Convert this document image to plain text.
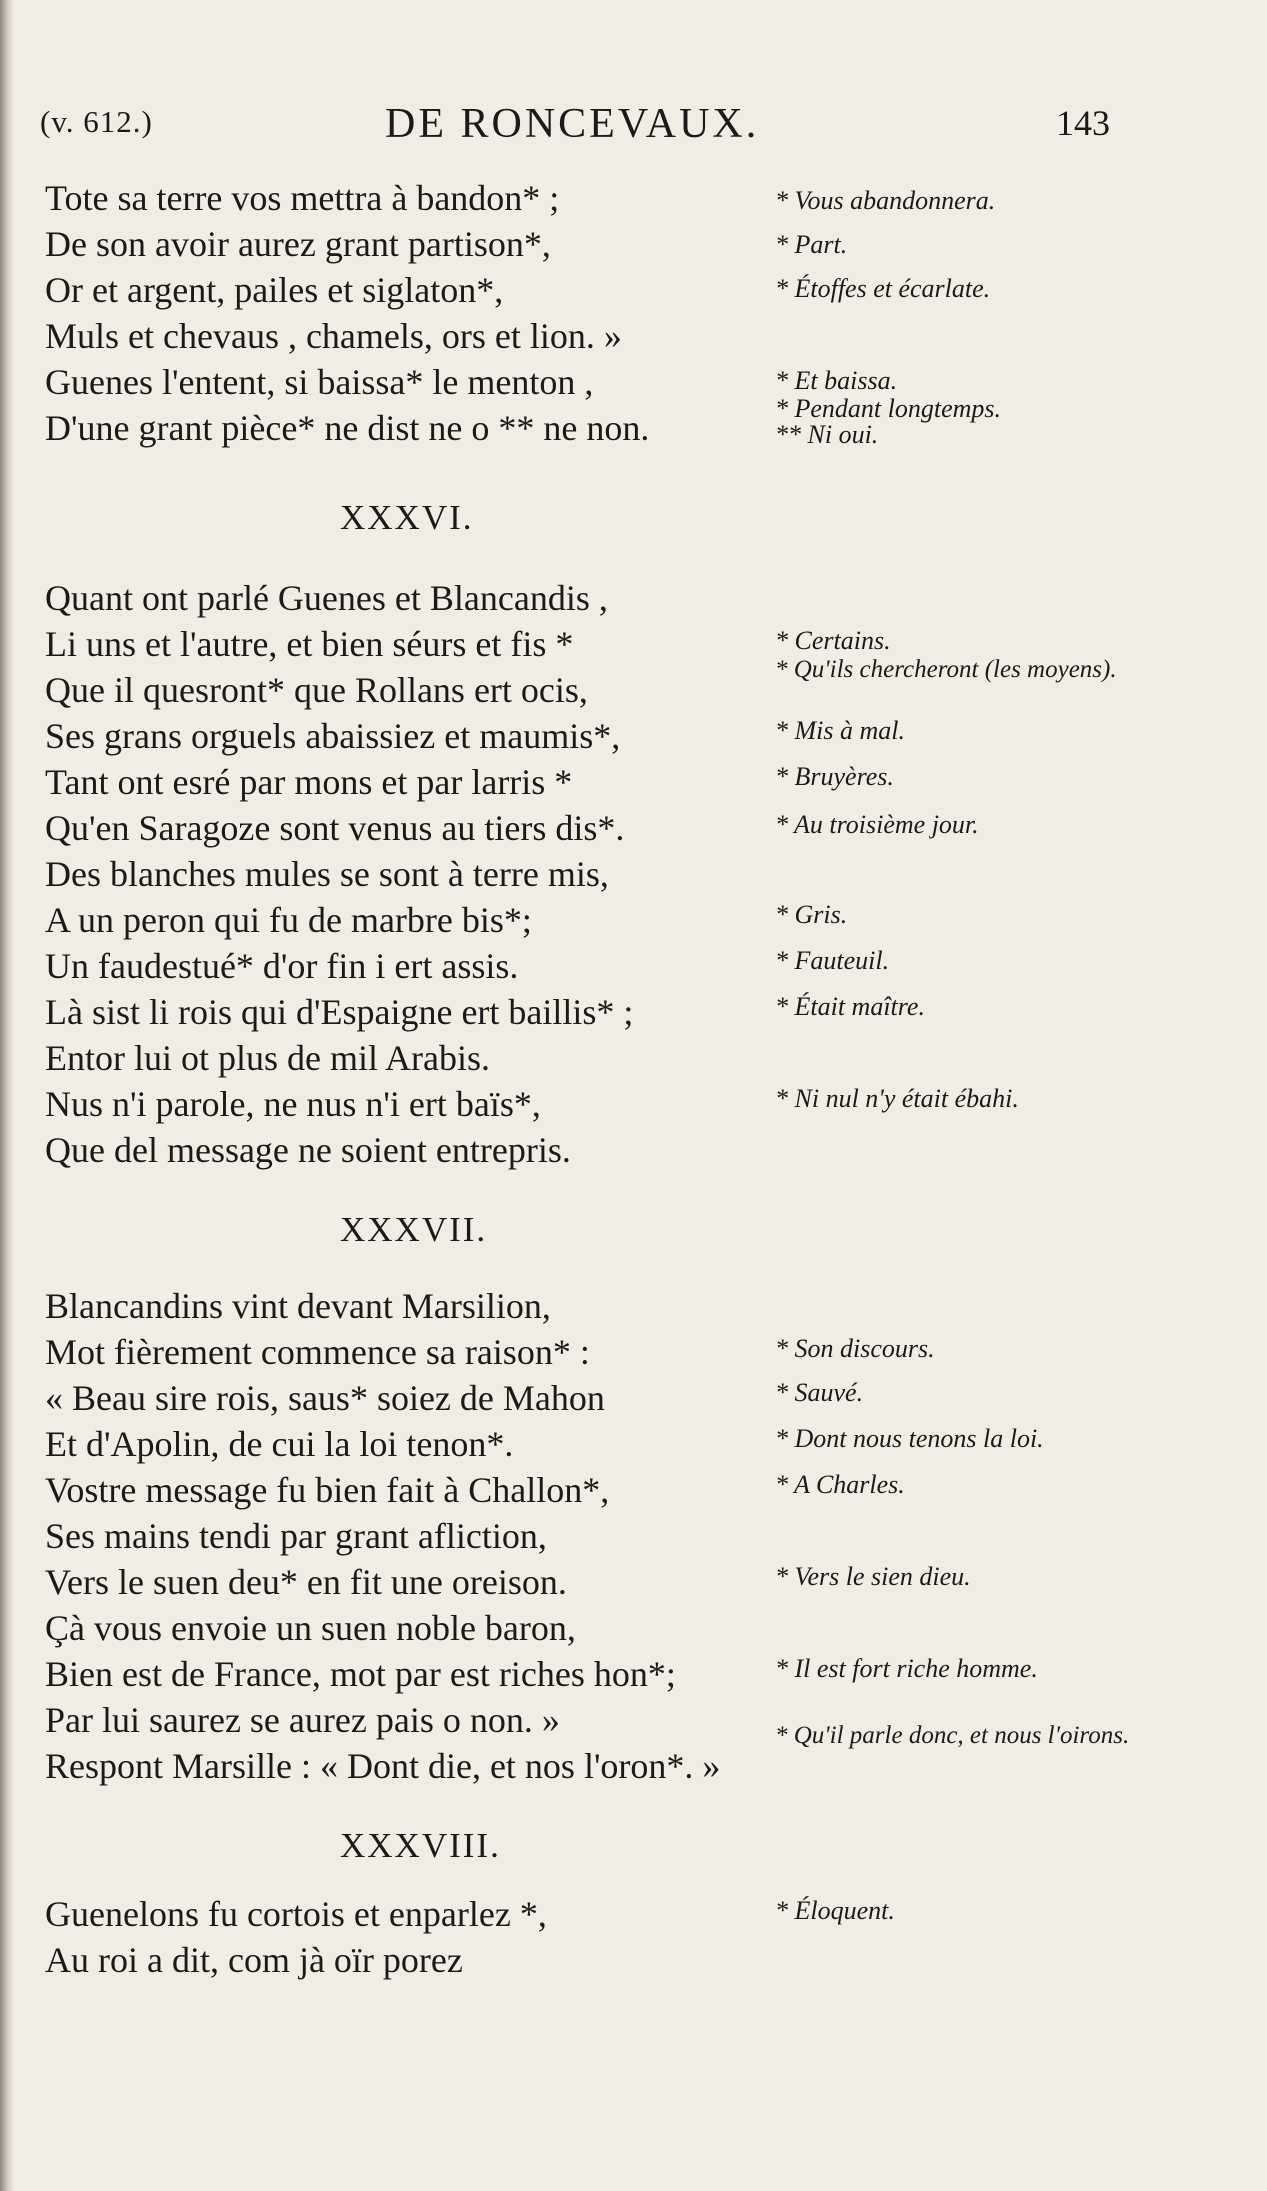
(v. 612.)	DE RONCEVAUX.	143
Tote sa terre vos mettra à bandon* ;
De son avoir aurez grant partison*,
Or et argent, pailes et siglaton*,
Muls et chevaus , chamels, ors et lion. »
Guenes l'entent, si baissa* le menton ,
D'une grant pièce* ne dist ne o ** ne non.
XXXVI.
Quant ont parlé Guenes et Blancandis ,
Li uns et l'autre, et bien séurs et fis *
Que il quesront* que Rollans ert ocis,
Ses grans orguels abaissiez et maumis*,
Tant ont esré par mons et par larris *
Qu'en Saragoze sont venus au tiers dis*.
Des blanches mules se sont à terre mis,
A un peron qui fu de marbre bis*;
Un faudestué* d'or fin i ert assis.
Là sist li rois qui d'Espaigne ert baillis* ;
Entor lui ot plus de mil Arabis.
Nus n'i parole, ne nus n'i ert baïs*,
Que del message ne soient entrepris.
XXXVII.
Blancandins vint devant Marsilion,
Mot fièrement commence sa raison* :
« Beau sire rois, saus* soiez de Mahon
Et d'Apolin, de cui la loi tenon*.
Vostre message fu bien fait à Challon*,
Ses mains tendi par grant afliction,
Vers le suen deu* en fit une oreison.
Çà vous envoie un suen noble baron,
Bien est de France, mot par est riches hon*;
Par lui saurez se aurez pais o non. »
Respont Marsille : « Dont die, et nos l'oron*. »
XXXVIII.
Guenelons fu cortois et enparlez *,
Au roi a dit, com jà oïr porez
* Vous abandonnera.
* Part.
* Étoffes et écarlate.
* Et baissa.
* Pendant longtemps.
** Ni oui.
* Certains.
* Qu'ils chercheront (les moyens).
* Mis à mal.
* Bruyères.
* Au troisième jour.
* Gris.
* Fauteuil.
* Était maître.
* Ni nul n'y était ébahi.
* Son discours.
* Sauvé.
* Dont nous tenons la loi.
* A Charles.
* Vers le sien dieu.
* Il est fort riche homme.
* Qu'il parle donc, et nous l'oirons.
* Éloquent.
